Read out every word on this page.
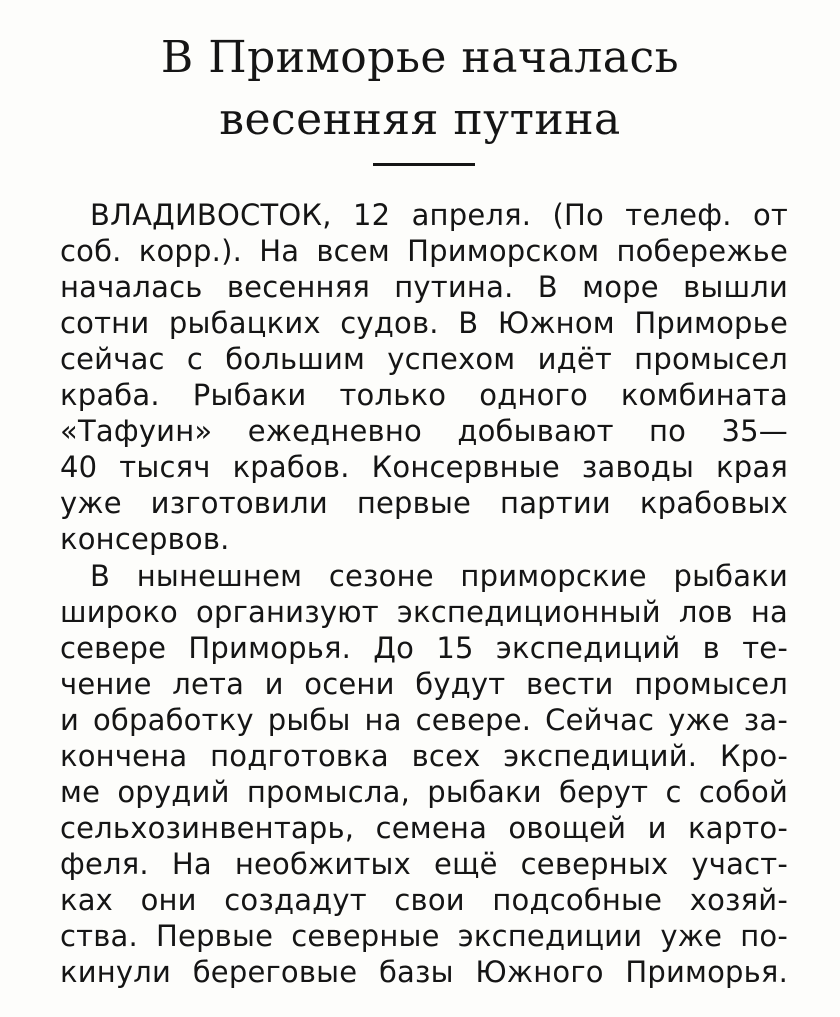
В Приморье началась
весенняя путина
ВЛАДИВОСТОК, 12 апреля. (По телеф. от
соб. корр.). На всем Приморском побережье
началась весенняя путина. В море вышли
сотни рыбацких судов. В Южном Приморье
сейчас с большим успехом идёт промысел
краба. Рыбаки только одного комбината
«Тафуин» ежедневно добывают по 35—
40 тысяч крабов. Консервные заводы края
уже изготовили первые партии крабовых
консервов.
В нынешнем сезоне приморские рыбаки
широко организуют экспедиционный лов на
севере Приморья. До 15 экспедиций в те-
чение лета и осени будут вести промысел
и обработку рыбы на севере. Сейчас уже за-
кончена подготовка всех экспедиций. Кро-
ме орудий промысла, рыбаки берут с собой
сельхозинвентарь, семена овощей и карто-
феля. На необжитых ещё северных участ-
ках они создадут свои подсобные хозяй-
ства. Первые северные экспедиции уже по-
кинули береговые базы Южного Приморья.
